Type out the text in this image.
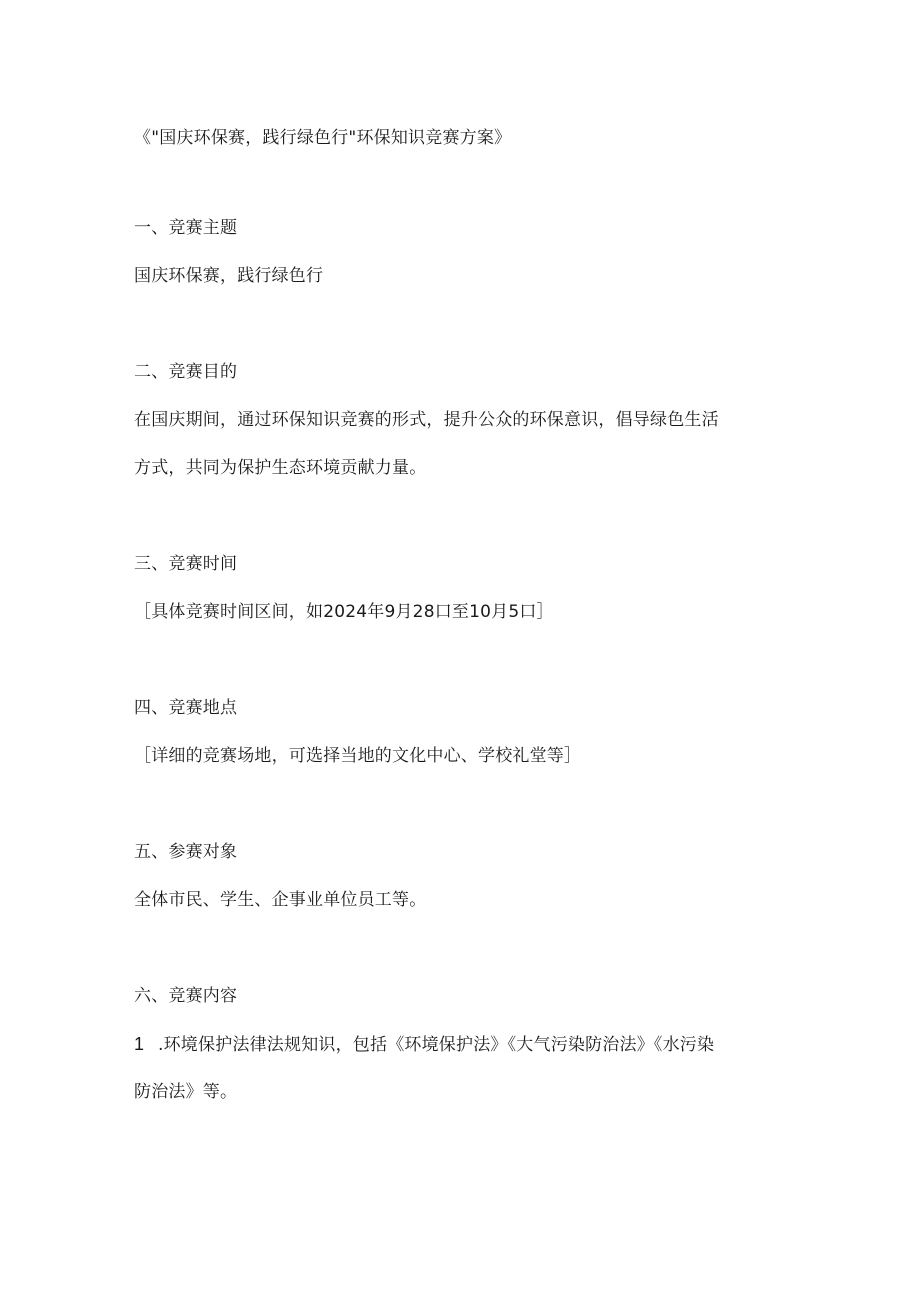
《"国庆环保赛，践行绿色行"环保知识竞赛方案》
一、竞赛主题
国庆环保赛，践行绿色行
二、竞赛目的
在国庆期间，通过环保知识竞赛的形式，提升公众的环保意识，倡导绿色生活
方式，共同为保护生态环境贡献力量。
三、竞赛时间
［具体竞赛时间区间，如2024年9月28口至10月5口］
四、竞赛地点
［详细的竞赛场地，可选择当地的文化中心、学校礼堂等］
五、参赛对象
全体市民、学生、企事业单位员工等。
六、竞赛内容
1 .环境保护法律法规知识，包括《环境保护法》《大气污染防治法》《水污染
防治法》等。
